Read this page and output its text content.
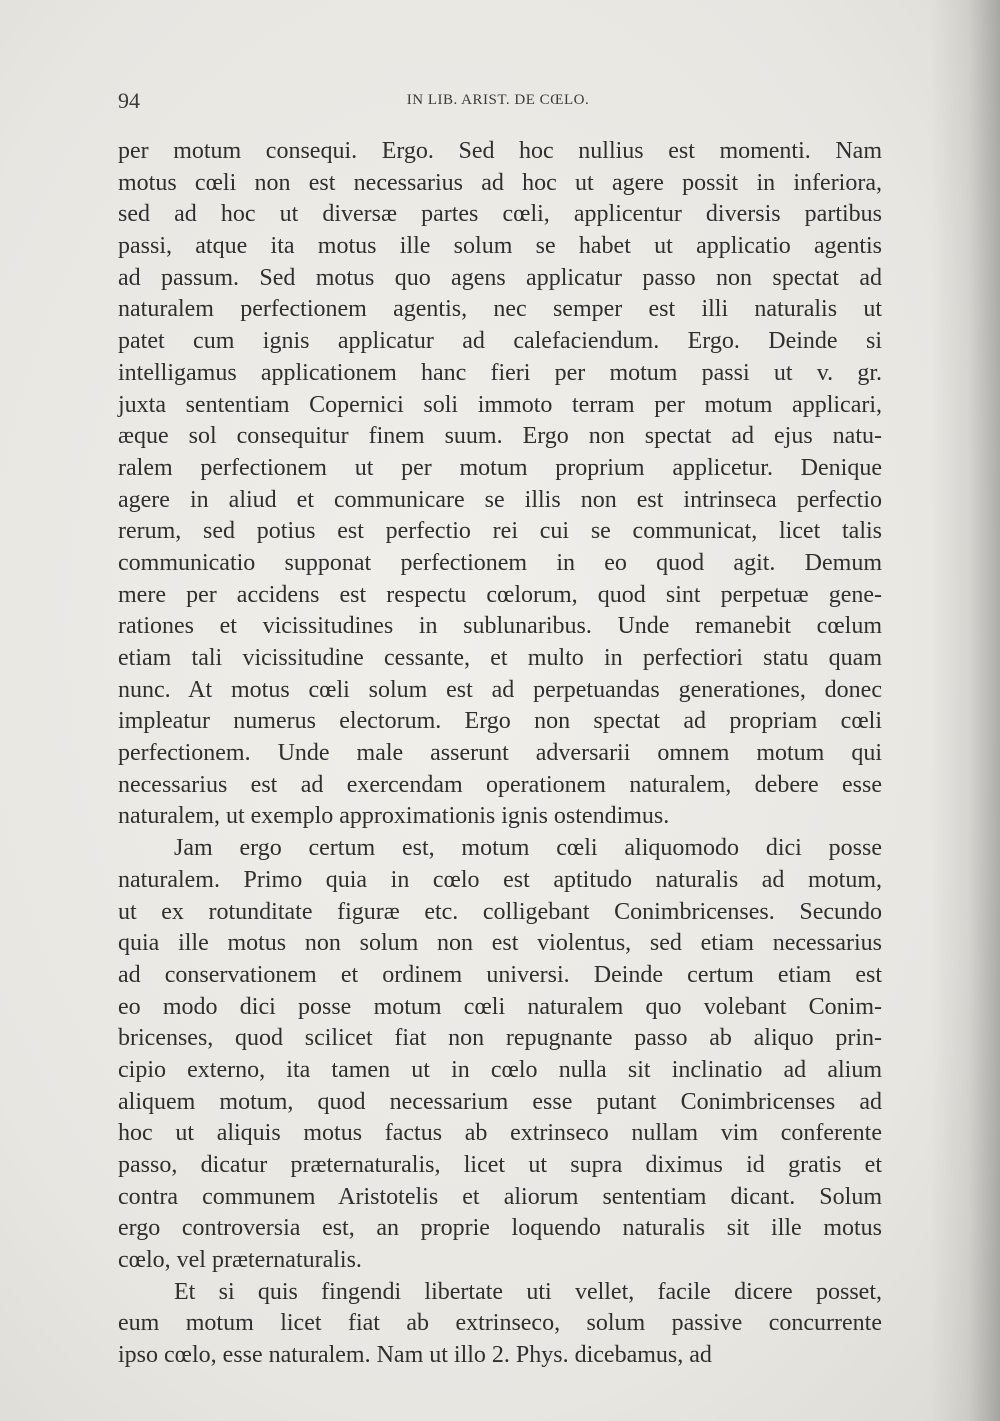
94	IN LIB. ARIST. DE CŒLO.
per motum consequi. Ergo. Sed hoc nullius est momenti. Nam
motus cœli non est necessarius ad hoc ut agere possit in inferiora,
sed ad hoc ut diversæ partes cœli, applicentur diversis partibus
passi, atque ita motus ille solum se habet ut applicatio agentis
ad passum. Sed motus quo agens applicatur passo non spectat ad
naturalem perfectionem agentis, nec semper est illi naturalis ut
patet cum ignis applicatur ad calefaciendum. Ergo. Deinde si
intelligamus applicationem hanc fieri per motum passi ut v. gr.
juxta sententiam Copernici soli immoto terram per motum applicari,
æque sol consequitur finem suum. Ergo non spectat ad ejus natu-
ralem perfectionem ut per motum proprium applicetur. Denique
agere in aliud et communicare se illis non est intrinseca perfectio
rerum, sed potius est perfectio rei cui se communicat, licet talis
communicatio supponat perfectionem in eo quod agit. Demum
mere per accidens est respectu cœlorum, quod sint perpetuæ gene-
rationes et vicissitudines in sublunaribus. Unde remanebit cœlum
etiam tali vicissitudine cessante, et multo in perfectiori statu quam
nunc. At motus cœli solum est ad perpetuandas generationes, donec
impleatur numerus electorum. Ergo non spectat ad propriam cœli
perfectionem. Unde male asserunt adversarii omnem motum qui
necessarius est ad exercendam operationem naturalem, debere esse
naturalem, ut exemplo approximationis ignis ostendimus.
Jam ergo certum est, motum cœli aliquomodo dici posse
naturalem. Primo quia in cœlo est aptitudo naturalis ad motum,
ut ex rotunditate figuræ etc. colligebant Conimbricenses. Secundo
quia ille motus non solum non est violentus, sed etiam necessarius
ad conservationem et ordinem universi. Deinde certum etiam est
eo modo dici posse motum cœli naturalem quo volebant Conim-
bricenses, quod scilicet fiat non repugnante passo ab aliquo prin-
cipio externo, ita tamen ut in cœlo nulla sit inclinatio ad alium
aliquem motum, quod necessarium esse putant Conimbricenses ad
hoc ut aliquis motus factus ab extrinseco nullam vim conferente
passo, dicatur præternaturalis, licet ut supra diximus id gratis et
contra communem Aristotelis et aliorum sententiam dicant. Solum
ergo controversia est, an proprie loquendo naturalis sit ille motus
cœlo, vel præternaturalis.
Et si quis fingendi libertate uti vellet, facile dicere posset,
eum motum licet fiat ab extrinseco, solum passive concurrente
ipso cœlo, esse naturalem. Nam ut illo 2. Phys. dicebamus, ad
